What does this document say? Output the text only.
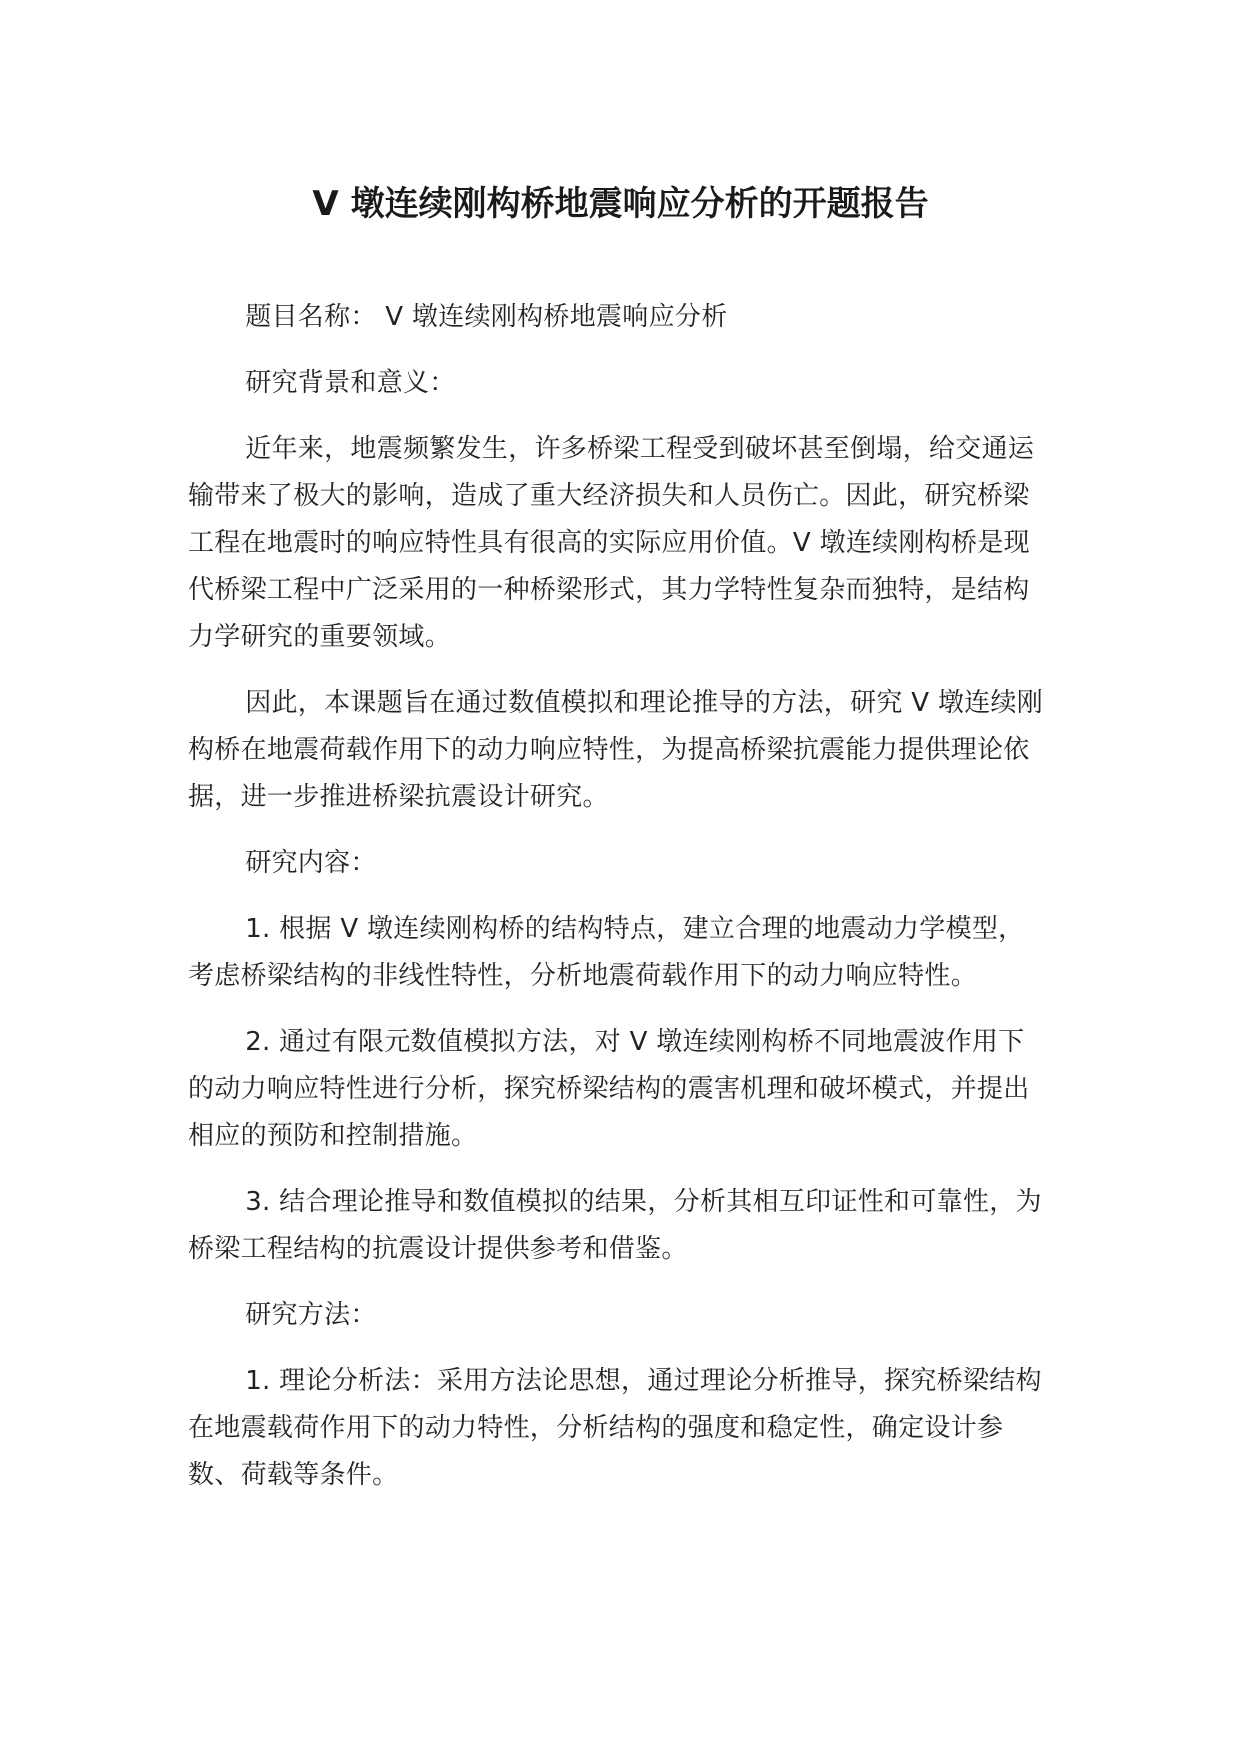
V 墩连续刚构桥地震响应分析的开题报告

题目名称： V 墩连续刚构桥地震响应分析

研究背景和意义：

近年来，地震频繁发生，许多桥梁工程受到破坏甚至倒塌，给交通运输带来了极大的影响，造成了重大经济损失和人员伤亡。因此，研究桥梁工程在地震时的响应特性具有很高的实际应用价值。V 墩连续刚构桥是现代桥梁工程中广泛采用的一种桥梁形式，其力学特性复杂而独特，是结构力学研究的重要领域。

因此，本课题旨在通过数值模拟和理论推导的方法，研究 V 墩连续刚构桥在地震荷载作用下的动力响应特性，为提高桥梁抗震能力提供理论依据，进一步推进桥梁抗震设计研究。

研究内容：

1. 根据 V 墩连续刚构桥的结构特点，建立合理的地震动力学模型，考虑桥梁结构的非线性特性，分析地震荷载作用下的动力响应特性。

2. 通过有限元数值模拟方法，对 V 墩连续刚构桥不同地震波作用下的动力响应特性进行分析，探究桥梁结构的震害机理和破坏模式，并提出相应的预防和控制措施。

3. 结合理论推导和数值模拟的结果，分析其相互印证性和可靠性，为桥梁工程结构的抗震设计提供参考和借鉴。

研究方法：

1. 理论分析法：采用方法论思想，通过理论分析推导，探究桥梁结构在地震载荷作用下的动力特性，分析结构的强度和稳定性，确定设计参数、荷载等条件。
